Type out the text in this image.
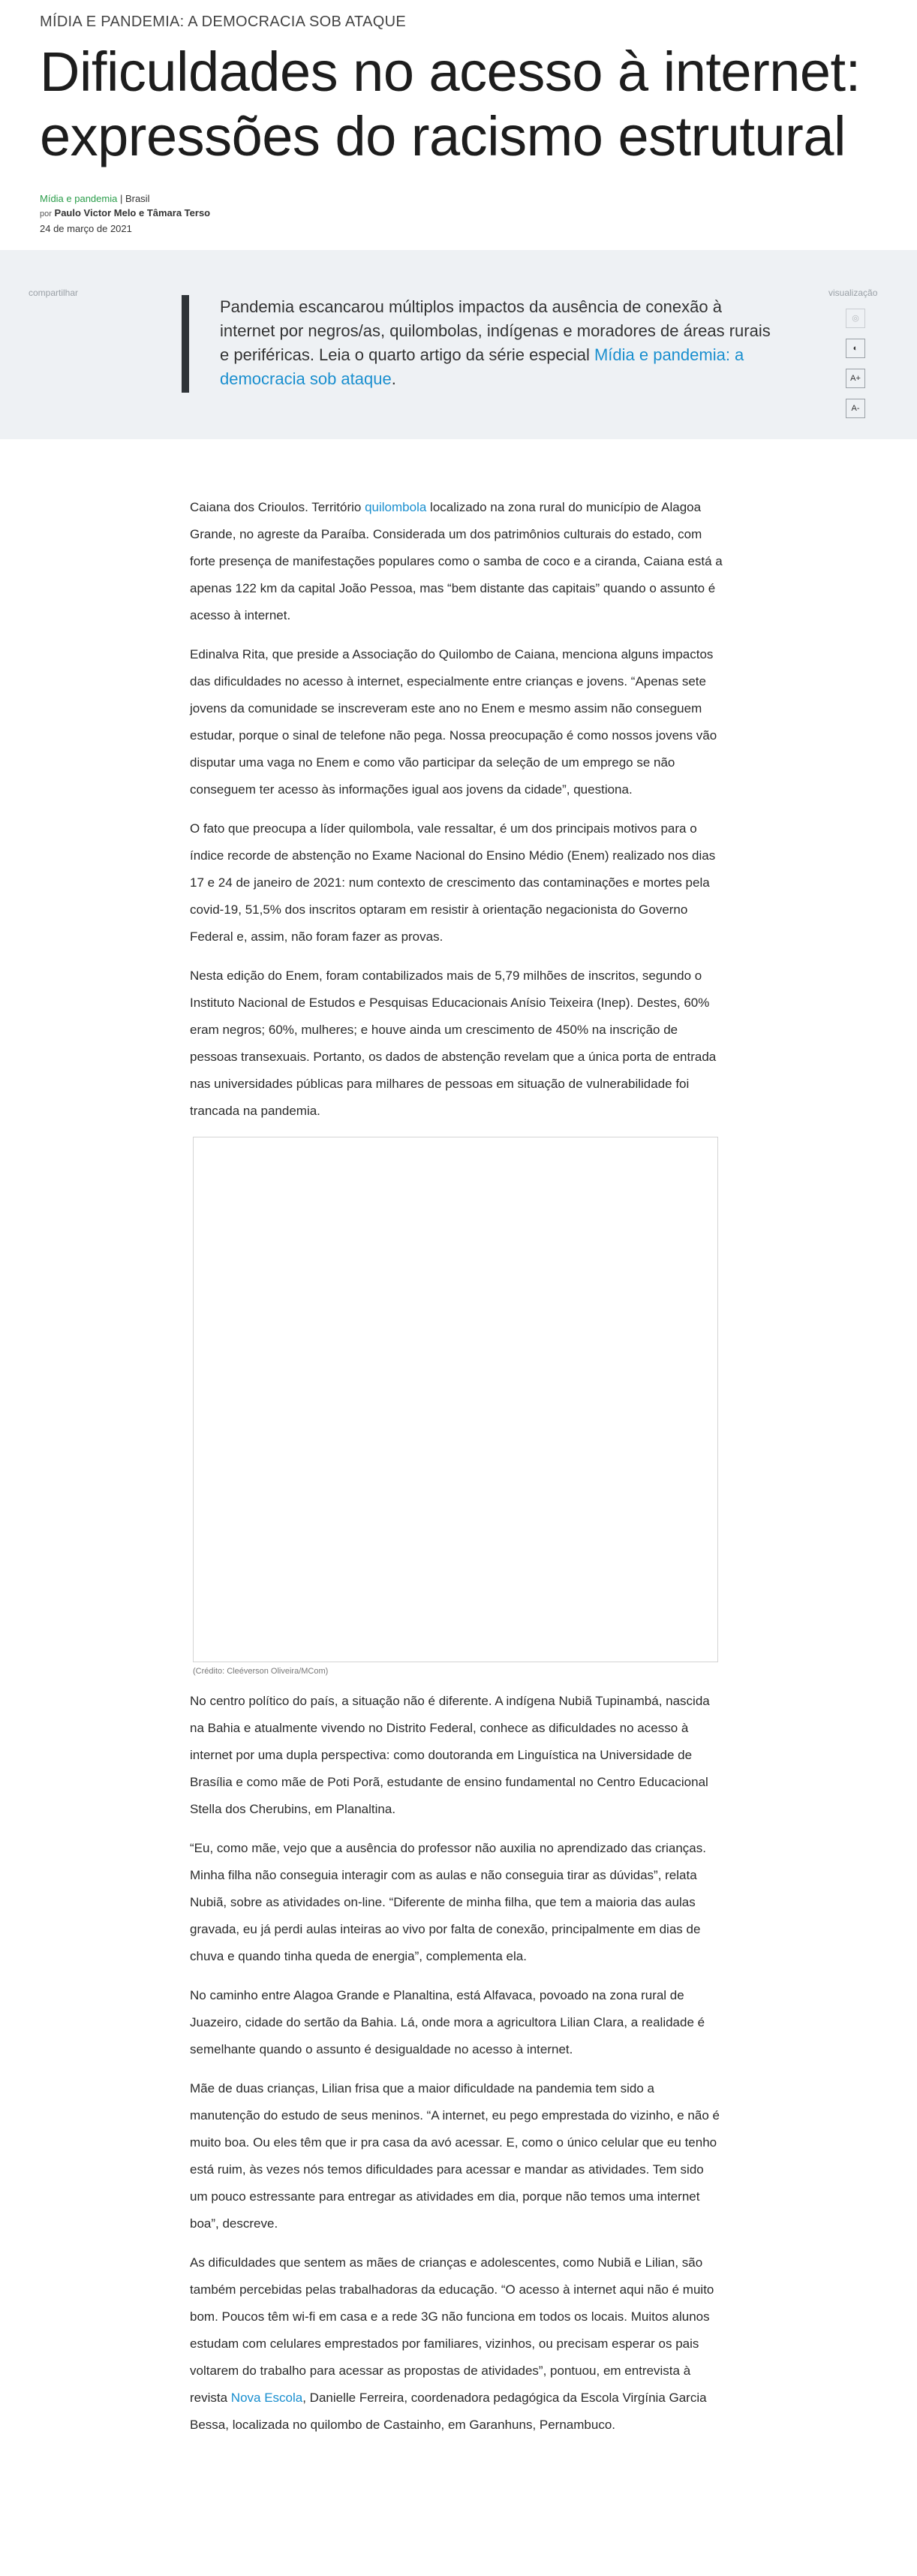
MÍDIA E PANDEMIA: A DEMOCRACIA SOB ATAQUE
Dificuldades no acesso à internet: expressões do racismo estrutural
Mídia e pandemia | Brasil
por Paulo Victor Melo e Tâmara Terso
24 de março de 2021
compartilhar	visualização
Pandemia escancarou múltiplos impactos da ausência de conexão à internet por negros/as, quilombolas, indígenas e moradores de áreas rurais e periféricas. Leia o quarto artigo da série especial Mídia e pandemia: a democracia sob ataque.
◎
◐
A+
A-

Caiana dos Crioulos. Território quilombola localizado na zona rural do município de Alagoa Grande, no agreste da Paraíba. Considerada um dos patrimônios culturais do estado, com forte presença de manifestações populares como o samba de coco e a ciranda, Caiana está a apenas 122 km da capital João Pessoa, mas “bem distante das capitais” quando o assunto é acesso à internet.

Edinalva Rita, que preside a Associação do Quilombo de Caiana, menciona alguns impactos das dificuldades no acesso à internet, especialmente entre crianças e jovens. “Apenas sete jovens da comunidade se inscreveram este ano no Enem e mesmo assim não conseguem estudar, porque o sinal de telefone não pega. Nossa preocupação é como nossos jovens vão disputar uma vaga no Enem e como vão participar da seleção de um emprego se não conseguem ter acesso às informações igual aos jovens da cidade”, questiona.

O fato que preocupa a líder quilombola, vale ressaltar, é um dos principais motivos para o índice recorde de abstenção no Exame Nacional do Ensino Médio (Enem) realizado nos dias 17 e 24 de janeiro de 2021: num contexto de crescimento das contaminações e mortes pela covid-19, 51,5% dos inscritos optaram em resistir à orientação negacionista do Governo Federal e, assim, não foram fazer as provas.

Nesta edição do Enem, foram contabilizados mais de 5,79 milhões de inscritos, segundo o Instituto Nacional de Estudos e Pesquisas Educacionais Anísio Teixeira (Inep). Destes, 60% eram negros; 60%, mulheres; e houve ainda um crescimento de 450% na inscrição de pessoas transexuais. Portanto, os dados de abstenção revelam que a única porta de entrada nas universidades públicas para milhares de pessoas em situação de vulnerabilidade foi trancada na pandemia.

(Crédito: Cleéverson Oliveira/MCom)

No centro político do país, a situação não é diferente. A indígena Nubiã Tupinambá, nascida na Bahia e atualmente vivendo no Distrito Federal, conhece as dificuldades no acesso à internet por uma dupla perspectiva: como doutoranda em Linguística na Universidade de Brasília e como mãe de Poti Porã, estudante de ensino fundamental no Centro Educacional Stella dos Cherubins, em Planaltina.

“Eu, como mãe, vejo que a ausência do professor não auxilia no aprendizado das crianças. Minha filha não conseguia interagir com as aulas e não conseguia tirar as dúvidas”, relata Nubiã, sobre as atividades on-line. “Diferente de minha filha, que tem a maioria das aulas gravada, eu já perdi aulas inteiras ao vivo por falta de conexão, principalmente em dias de chuva e quando tinha queda de energia”, complementa ela.

No caminho entre Alagoa Grande e Planaltina, está Alfavaca, povoado na zona rural de Juazeiro, cidade do sertão da Bahia. Lá, onde mora a agricultora Lilian Clara, a realidade é semelhante quando o assunto é desigualdade no acesso à internet.

Mãe de duas crianças, Lilian frisa que a maior dificuldade na pandemia tem sido a manutenção do estudo de seus meninos. “A internet, eu pego emprestada do vizinho, e não é muito boa. Ou eles têm que ir pra casa da avó acessar. E, como o único celular que eu tenho está ruim, às vezes nós temos dificuldades para acessar e mandar as atividades. Tem sido um pouco estressante para entregar as atividades em dia, porque não temos uma internet boa”, descreve.

As dificuldades que sentem as mães de crianças e adolescentes, como Nubiã e Lilian, são também percebidas pelas trabalhadoras da educação. “O acesso à internet aqui não é muito bom. Poucos têm wi-fi em casa e a rede 3G não funciona em todos os locais. Muitos alunos estudam com celulares emprestados por familiares, vizinhos, ou precisam esperar os pais voltarem do trabalho para acessar as propostas de atividades”, pontuou, em entrevista à revista Nova Escola, Danielle Ferreira, coordenadora pedagógica da Escola Virgínia Garcia Bessa, localizada no quilombo de Castainho, em Garanhuns, Pernambuco.
